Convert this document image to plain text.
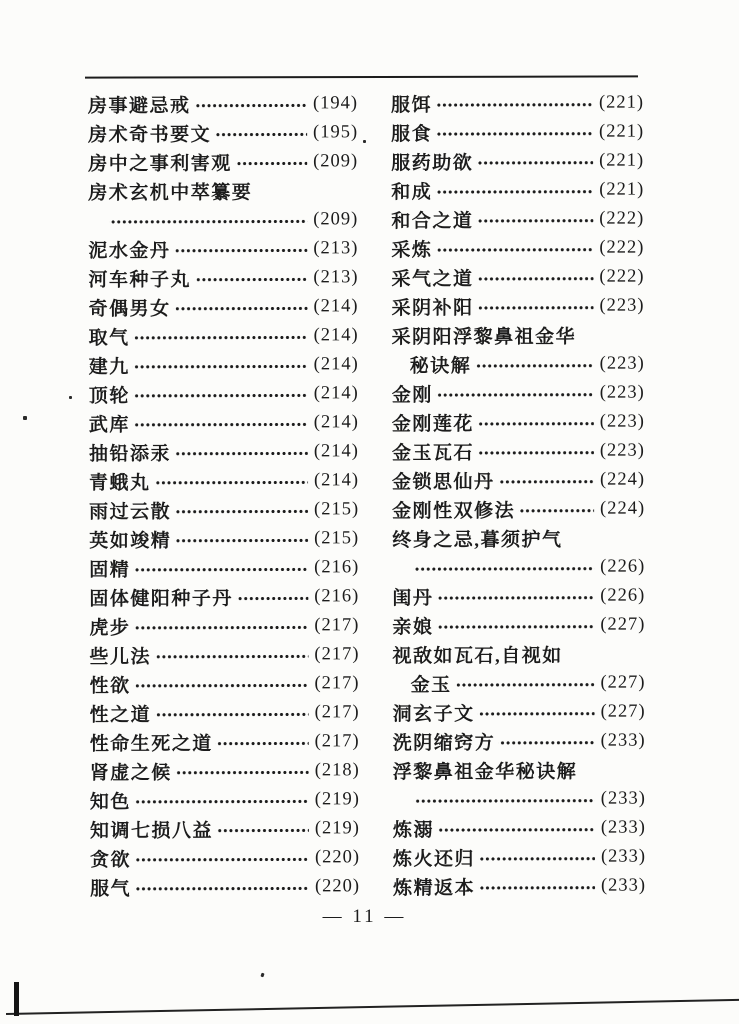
房事避忌戒	(194)
房术奇书要文	(195)
房中之事利害观	(209)
房术玄机中萃纂要
(209)
泥水金丹	(213)
河车种子丸	(213)
奇偶男女	(214)
取气	(214)
建九	(214)
顶轮	(214)
武库	(214)
抽铅添汞	(214)
青蛾丸	(214)
雨过云散	(215)
英如竣精	(215)
固精	(216)
固体健阳种子丹	(216)
虎步	(217)
些儿法	(217)
性欲	(217)
性之道	(217)
性命生死之道	(217)
肾虚之候	(218)
知色	(219)
知调七损八益	(219)
贪欲	(220)
服气	(220)
服饵	(221)
服食	(221)
服药助欲	(221)
和成	(221)
和合之道	(222)
采炼	(222)
采气之道	(222)
采阴补阳	(223)
采阴阳浮黎鼻祖金华
秘诀解	(223)
金刚	(223)
金刚莲花	(223)
金玉瓦石	(223)
金锁思仙丹	(224)
金刚性双修法	(224)
终身之忌,暮须护气
(226)
闺丹	(226)
亲娘	(227)
视敌如瓦石,自视如
金玉	(227)
洞玄子文	(227)
洗阴缩窍方	(233)
浮黎鼻祖金华秘诀解
(233)
炼溺	(233)
炼火还归	(233)
炼精返本	(233)
— 11 —
